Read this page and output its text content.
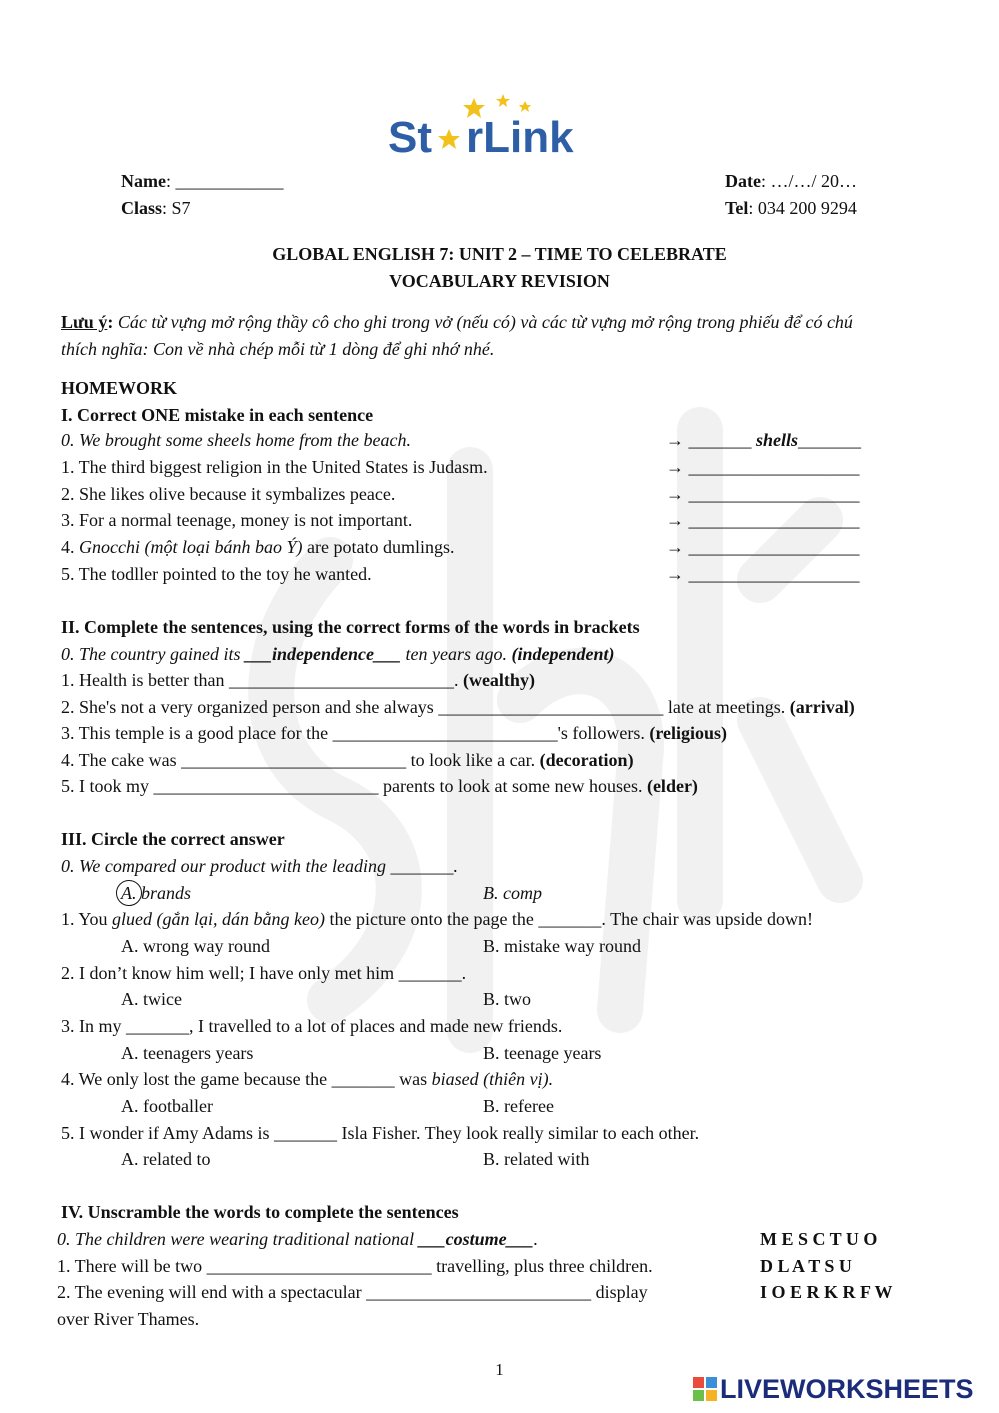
St rLink
Name: ____________
Class: S7
Date: …/…/ 20…
Tel: 034 200 9294
GLOBAL ENGLISH 7: UNIT 2 – TIME TO CELEBRATE
VOCABULARY REVISION
Lưu ý: Các từ vựng mở rộng thầy cô cho ghi trong vở (nếu có) và các từ vựng mở rộng trong phiếu để có chú
thích nghĩa: Con về nhà chép mỗi từ 1 dòng để ghi nhớ nhé.
HOMEWORK
I. Correct ONE mistake in each sentence
0. We brought some sheels home from the beach.	→ _______ shells_______
1. The third biggest religion in the United States is Judasm.	→ ___________________
2. She likes olive because it symbalizes peace.	→ ___________________
3. For a normal teenage, money is not important.	→ ___________________
4. Gnocchi (một loại bánh bao Ý) are potato dumlings.	→ ___________________
5. The todller pointed to the toy he wanted.	→ ___________________
II. Complete the sentences, using the correct forms of the words in brackets
0. The country gained its ___independence___ ten years ago. (independent)
1. Health is better than _________________________. (wealthy)
2. She's not a very organized person and she always _________________________ late at meetings. (arrival)
3. This temple is a good place for the _________________________'s followers. (religious)
4. The cake was _________________________ to look like a car. (decoration)
5. I took my _________________________ parents to look at some new houses. (elder)
III. Circle the correct answer
0. We compared our product with the leading _______.
A. brands	B. comp
1. You glued (gắn lại, dán bằng keo) the picture onto the page the _______. The chair was upside down!
A. wrong way round	B. mistake way round
2. I don’t know him well; I have only met him _______.
A. twice	B. two
3. In my _______, I travelled to a lot of places and made new friends.
A. teenagers years	B. teenage years
4. We only lost the game because the _______ was biased (thiên vị).
A. footballer	B. referee
5. I wonder if Amy Adams is _______ Isla Fisher. They look really similar to each other.
A. related to	B. related with
IV. Unscramble the words to complete the sentences
0. The children were wearing traditional national ___costume___.	M E S C T U O
1. There will be two _________________________ travelling, plus three children.	D L A T S U
2. The evening will end with a spectacular _________________________ display	I O E R K R F W
over River Thames.
1
LIVEWORKSHEETS
